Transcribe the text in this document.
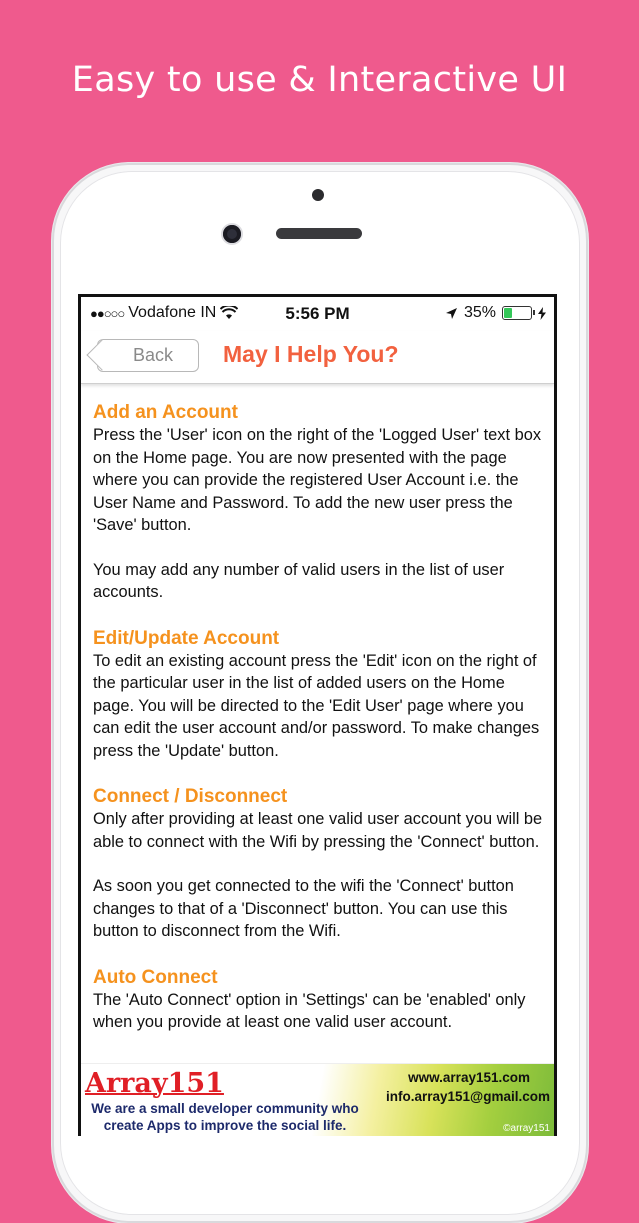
Easy to use & Interactive UI
●●○○○ Vodafone IN	5:56 PM	35%
Back May I Help You?

Add an Account

Press the 'User' icon on the right of the 'Logged User' text box on the Home page. You are now presented with the page where you can provide the registered User Account i.e. the User Name and Password. To add the new user press the 'Save' button.

You may add any number of valid users in the list of user accounts.

Edit/Update Account

To edit an existing account press the 'Edit' icon on the right of the particular user in the list of added users on the Home page. You will be directed to the 'Edit User' page where you can edit the user account and/or password. To make changes press the 'Update' button.

Connect / Disconnect

Only after providing at least one valid user account you will be able to connect with the Wifi by pressing the 'Connect' button.

As soon you get connected to the wifi the 'Connect' button changes to that of a 'Disconnect' button. You can use this button to disconnect from the Wifi.

Auto Connect

The 'Auto Connect' option in 'Settings' can be 'enabled' only when you provide at least one valid user account.

Array151
We are a small developer community who create Apps to improve the social life.
www.array151.com
info.array151@gmail.com
©array151
